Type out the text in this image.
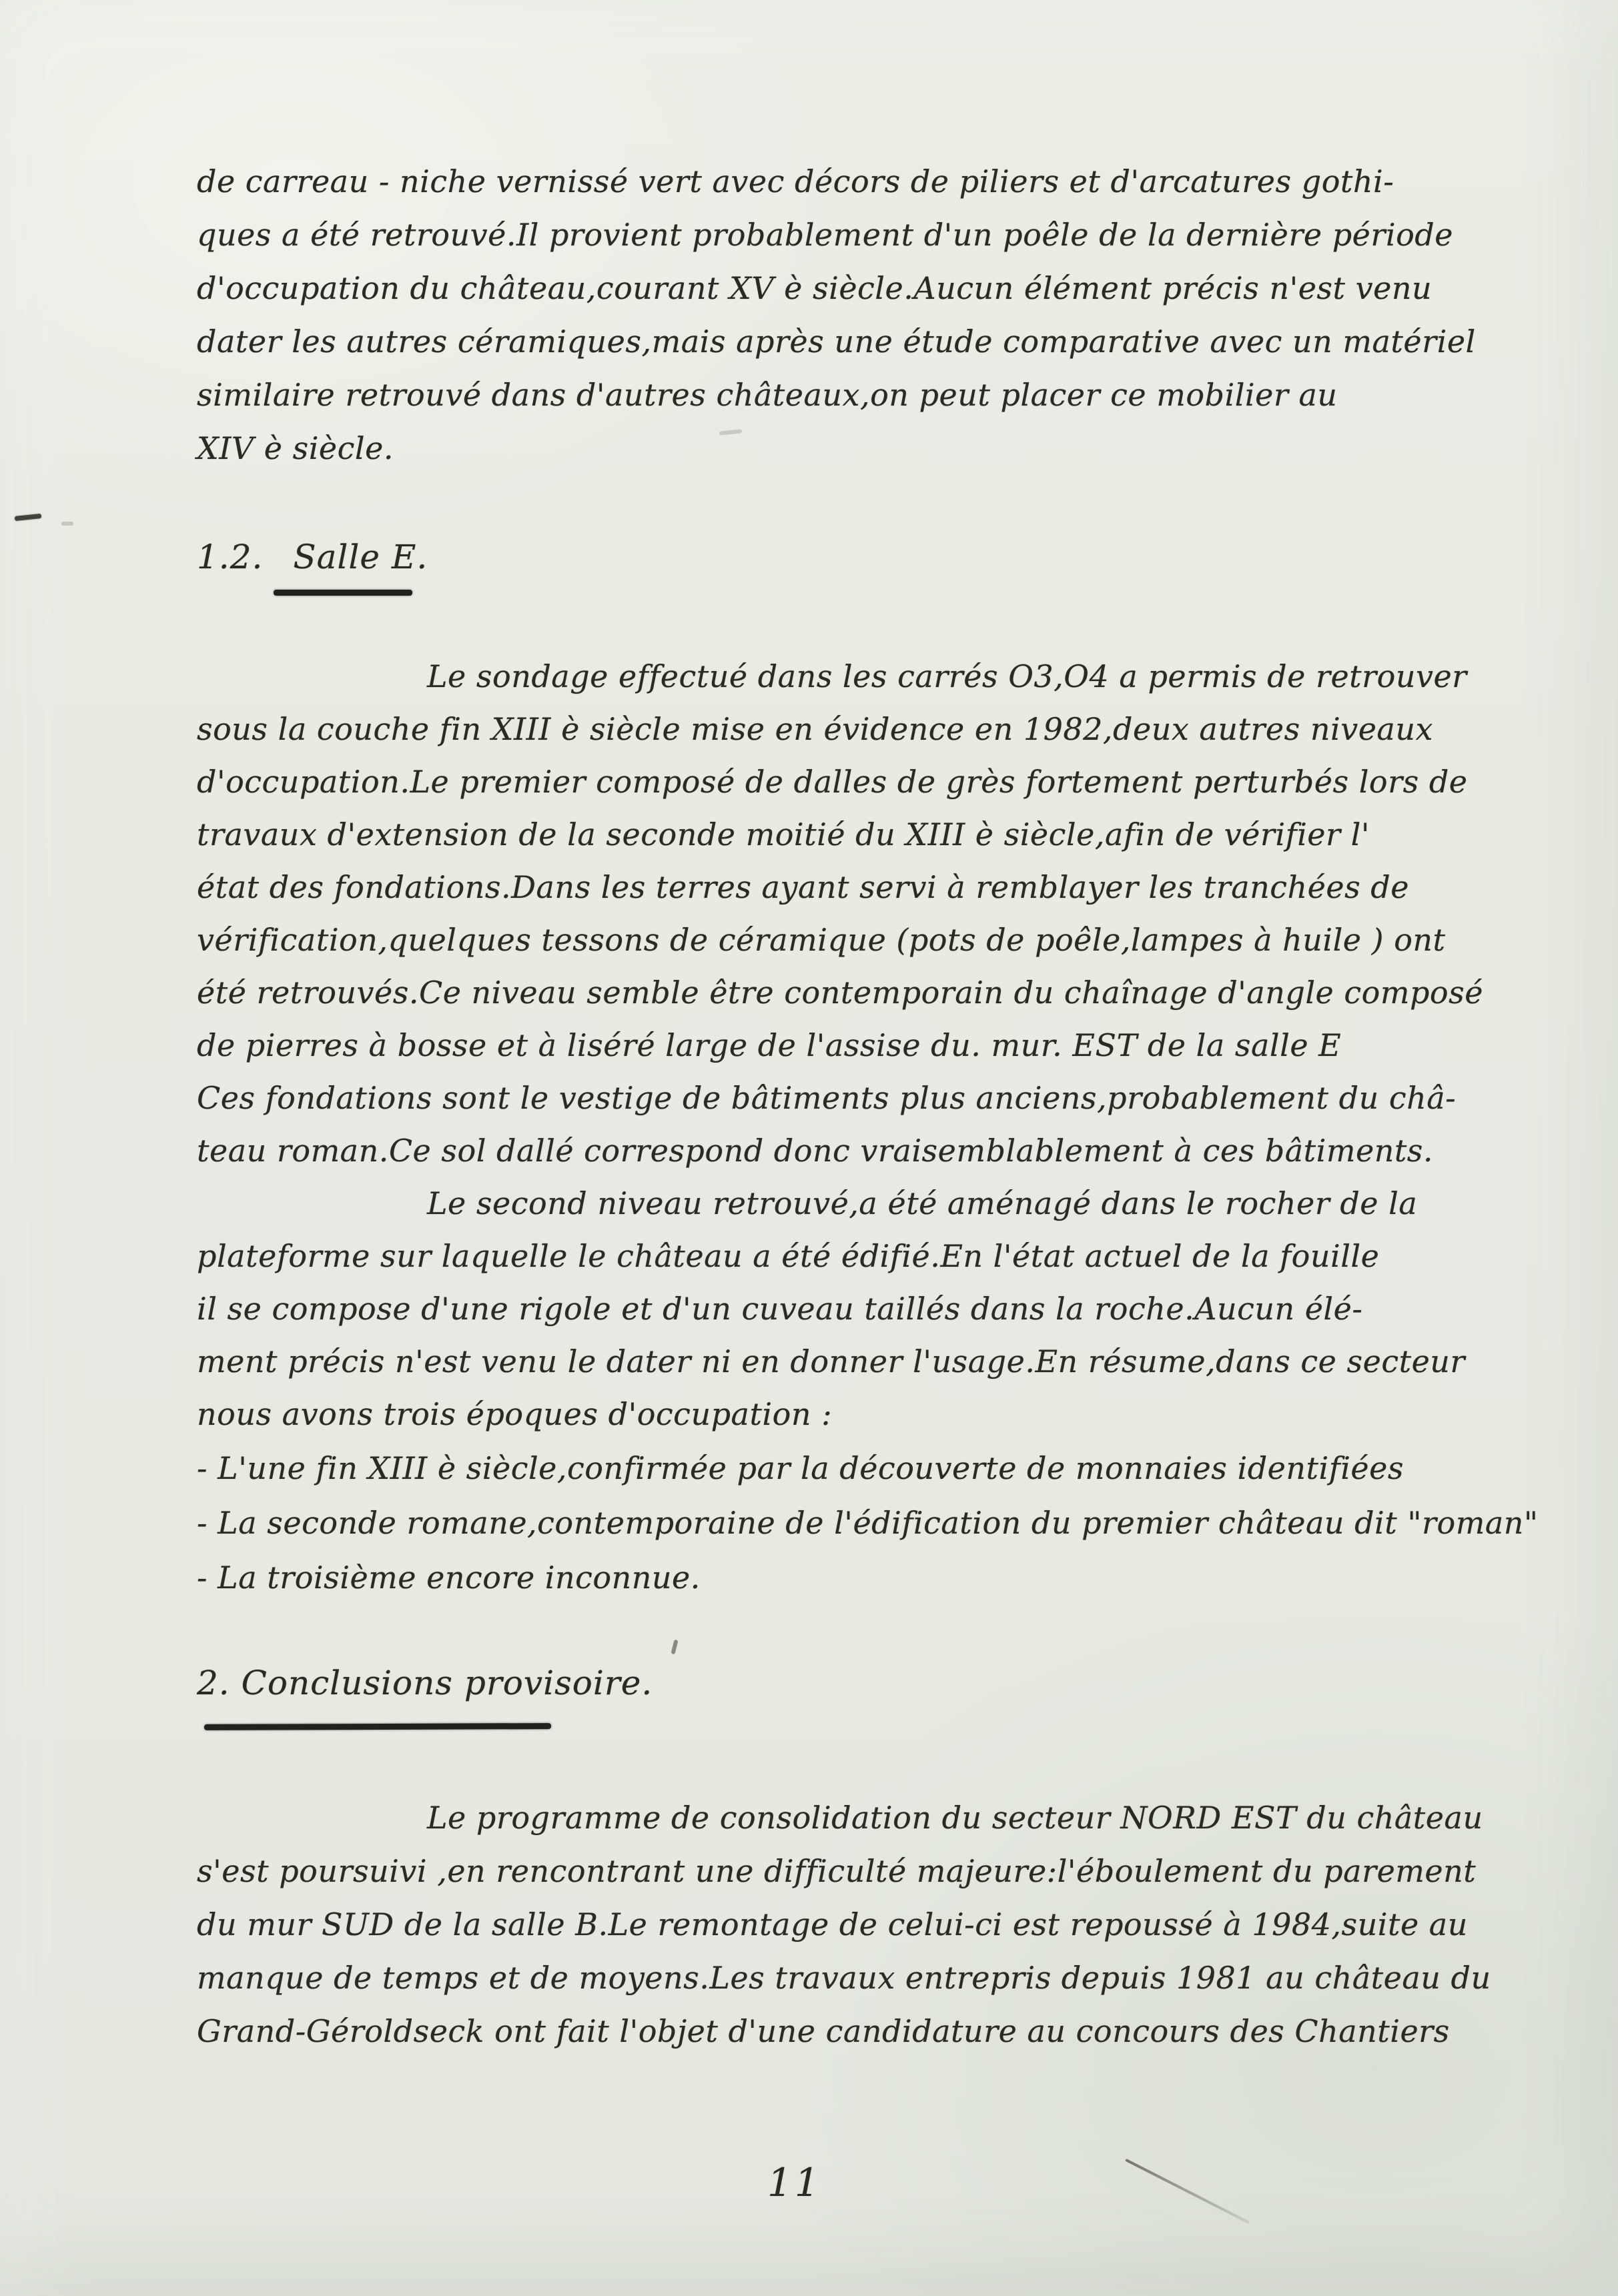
de carreau - niche vernissé vert avec décors de piliers et d'arcatures gothi-
ques a été retrouvé.Il provient probablement d'un poêle de la dernière période
d'occupation du château,courant XV è siècle.Aucun élément précis n'est venu
dater les autres céramiques,mais après une étude comparative avec un matériel
similaire retrouvé dans d'autres châteaux,on peut placer ce mobilier au
XIV è siècle.
1.2. Salle E.
Le sondage effectué dans les carrés O3,O4 a permis de retrouver
sous la couche fin XIII è siècle mise en évidence en 1982,deux autres niveaux
d'occupation.Le premier composé de dalles de grès fortement perturbés lors de
travaux d'extension de la seconde moitié du XIII è siècle,afin de vérifier l'
état des fondations.Dans les terres ayant servi à remblayer les tranchées de
vérification,quelques tessons de céramique (pots de poêle,lampes à huile ) ont
été retrouvés.Ce niveau semble être contemporain du chaînage d'angle composé
de pierres à bosse et à liséré large de l'assise du. mur. EST de la salle E
Ces fondations sont le vestige de bâtiments plus anciens,probablement du châ-
teau roman.Ce sol dallé correspond donc vraisemblablement à ces bâtiments.
Le second niveau retrouvé,a été aménagé dans le rocher de la
plateforme sur laquelle le château a été édifié.En l'état actuel de la fouille
il se compose d'une rigole et d'un cuveau taillés dans la roche.Aucun élé-
ment précis n'est venu le dater ni en donner l'usage.En résume,dans ce secteur
nous avons trois époques d'occupation :
- L'une fin XIII è siècle,confirmée par la découverte de monnaies identifiées
- La seconde romane,contemporaine de l'édification du premier château dit "roman"
- La troisième encore inconnue.
2. Conclusions provisoire.
Le programme de consolidation du secteur NORD EST du château
s'est poursuivi ,en rencontrant une difficulté majeure:l'éboulement du parement
du mur SUD de la salle B.Le remontage de celui-ci est repoussé à 1984,suite au
manque de temps et de moyens.Les travaux entrepris depuis 1981 au château du
Grand-Géroldseck ont fait l'objet d'une candidature au concours des Chantiers
11
